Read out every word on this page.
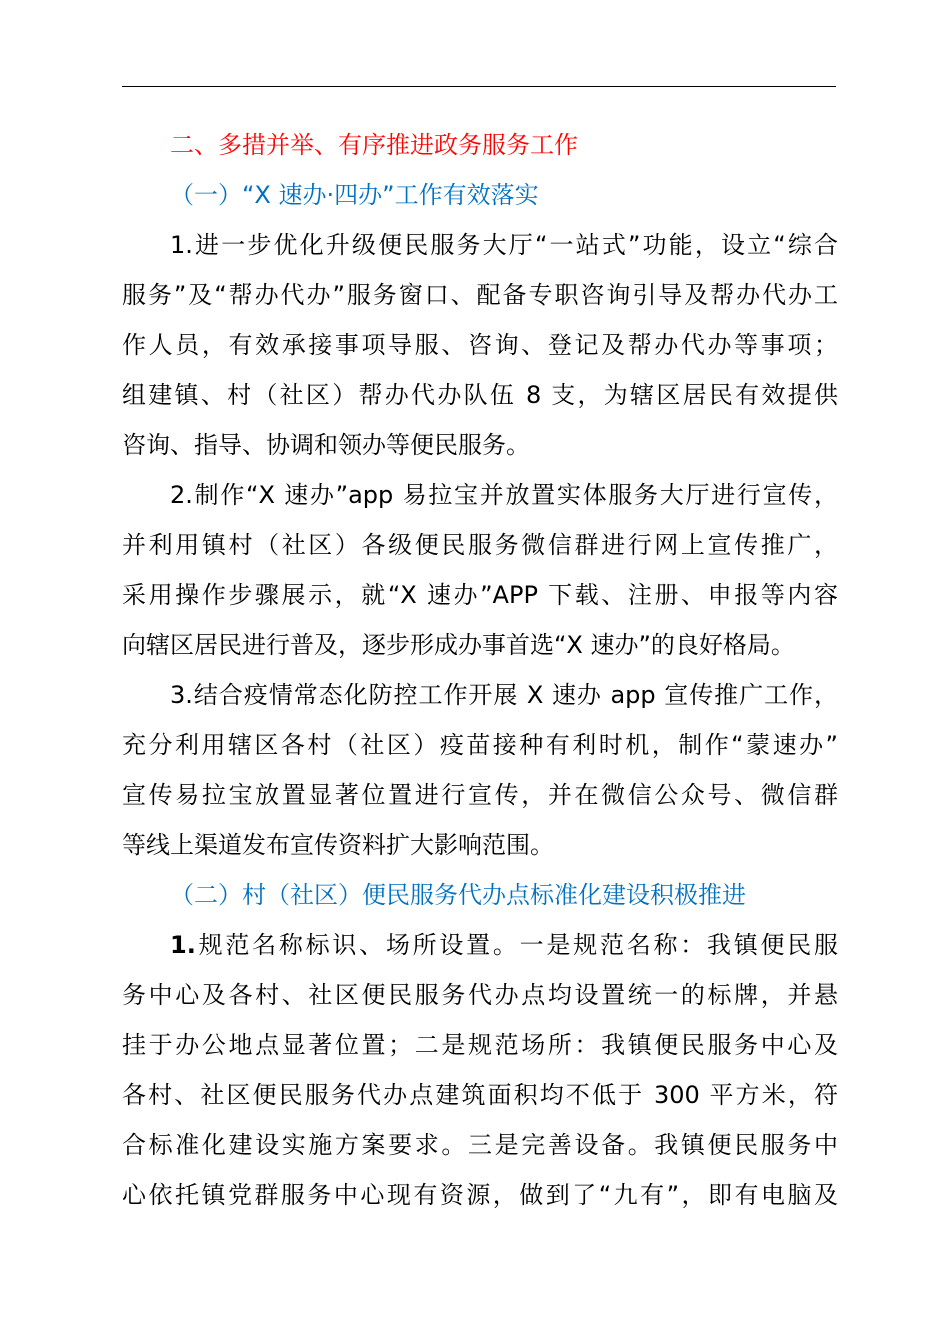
二、多措并举、有序推进政务服务工作
（一）“X 速办·四办”工作有效落实

1.进一步优化升级便民服务大厅“一站式”功能，设立“综合
服务”及“帮办代办”服务窗口、配备专职咨询引导及帮办代办工
作人员，有效承接事项导服、咨询、登记及帮办代办等事项；
组建镇、村（社区）帮办代办队伍 8 支，为辖区居民有效提供
咨询、指导、协调和领办等便民服务。

2.制作“X 速办”app 易拉宝并放置实体服务大厅进行宣传，
并利用镇村（社区）各级便民服务微信群进行网上宣传推广，
采用操作步骤展示，就“X 速办”APP 下载、注册、申报等内容
向辖区居民进行普及，逐步形成办事首选“X 速办”的良好格局。

3.结合疫情常态化防控工作开展 X 速办 app 宣传推广工作，
充分利用辖区各村（社区）疫苗接种有利时机，制作“蒙速办”
宣传易拉宝放置显著位置进行宣传，并在微信公众号、微信群
等线上渠道发布宣传资料扩大影响范围。

（二）村（社区）便民服务代办点标准化建设积极推进

1.规范名称标识、场所设置。一是规范名称：我镇便民服
务中心及各村、社区便民服务代办点均设置统一的标牌，并悬
挂于办公地点显著位置；二是规范场所：我镇便民服务中心及
各村、社区便民服务代办点建筑面积均不低于 300 平方米，符
合标准化建设实施方案要求。三是完善设备。我镇便民服务中
心依托镇党群服务中心现有资源，做到了“九有”，即有电脑及
